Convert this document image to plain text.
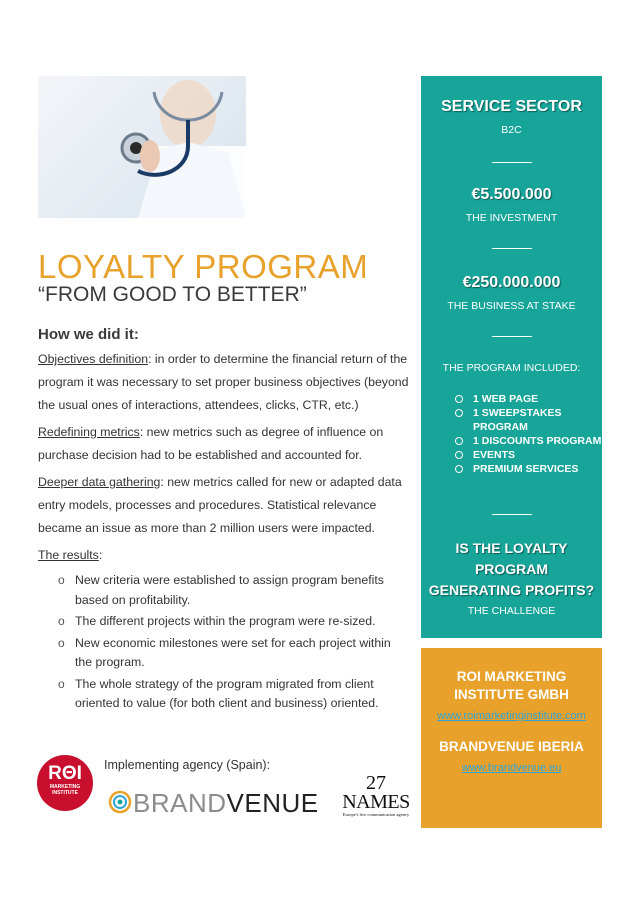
LOYALTY PROGRAM
“FROM GOOD TO BETTER”
How we did it:

Objectives definition: in order to determine the financial return of the program it was necessary to set proper business objectives (beyond the usual ones of interactions, attendees, clicks, CTR, etc.)

Redefining metrics: new metrics such as degree of influence on purchase decision had to be established and accounted for.

Deeper data gathering: new metrics called for new or adapted data entry models, processes and procedures. Statistical relevance became an issue as more than 2 million users were impacted.

The results:

o New criteria were established to assign program benefits based on profitability.
o The different projects within the program were re-sized.
o New economic milestones were set for each project within the program.
o The whole strategy of the program migrated from client oriented to value (for both client and business) oriented.
RΘI
MARKETING
INSTITUTE
Implementing agency (Spain):
BRANDVENUE
27
NAMES
Europe's live communication agency
SERVICE SECTOR
B2C
€5.500.000
THE INVESTMENT
€250.000.000
THE BUSINESS AT STAKE
THE PROGRAM INCLUDED:
1 WEB PAGE
1 SWEEPSTAKES PROGRAM
1 DISCOUNTS PROGRAM
EVENTS
PREMIUM SERVICES
IS THE LOYALTY
PROGRAM
GENERATING PROFITS?
THE CHALLENGE
ROI MARKETING
INSTITUTE GMBH
www.roimarketinginstitute.com
BRANDVENUE IBERIA
www.brandvenue.eu
